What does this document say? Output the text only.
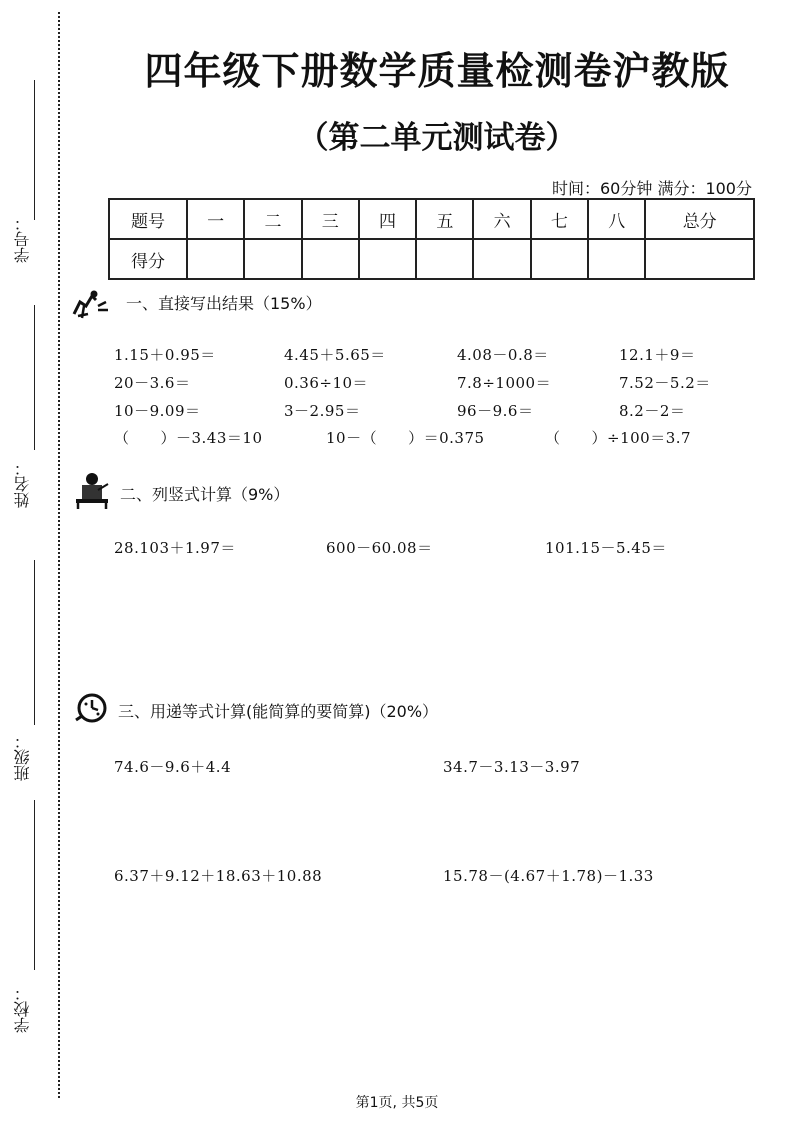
学号：
姓名：
班级：
学校：
四年级下册数学质量检测卷沪教版
（第二单元测试卷）
时间：60分钟 满分：100分
题号	一	二	三	四	五	六	七	八	总分
得分									
一、直接写出结果（15%）
1.15＋0.95＝	4.45＋5.65＝	4.08－0.8＝	12.1＋9＝
20－3.6＝	0.36÷10＝	7.8÷1000＝	7.52－5.2＝
10－9.09＝	3－2.95＝	96－9.6＝	8.2－2＝
（　　）－3.43＝10	10－（　　）＝0.375	（　　）÷100＝3.7
二、列竖式计算（9%）
28.103＋1.97＝	600－60.08＝	101.15－5.45＝
三、用递等式计算(能简算的要简算)（20%）
74.6－9.6＋4.4	34.7－3.13－3.97
6.37＋9.12＋18.63＋10.88	15.78－(4.67＋1.78)－1.33
第1页, 共5页
